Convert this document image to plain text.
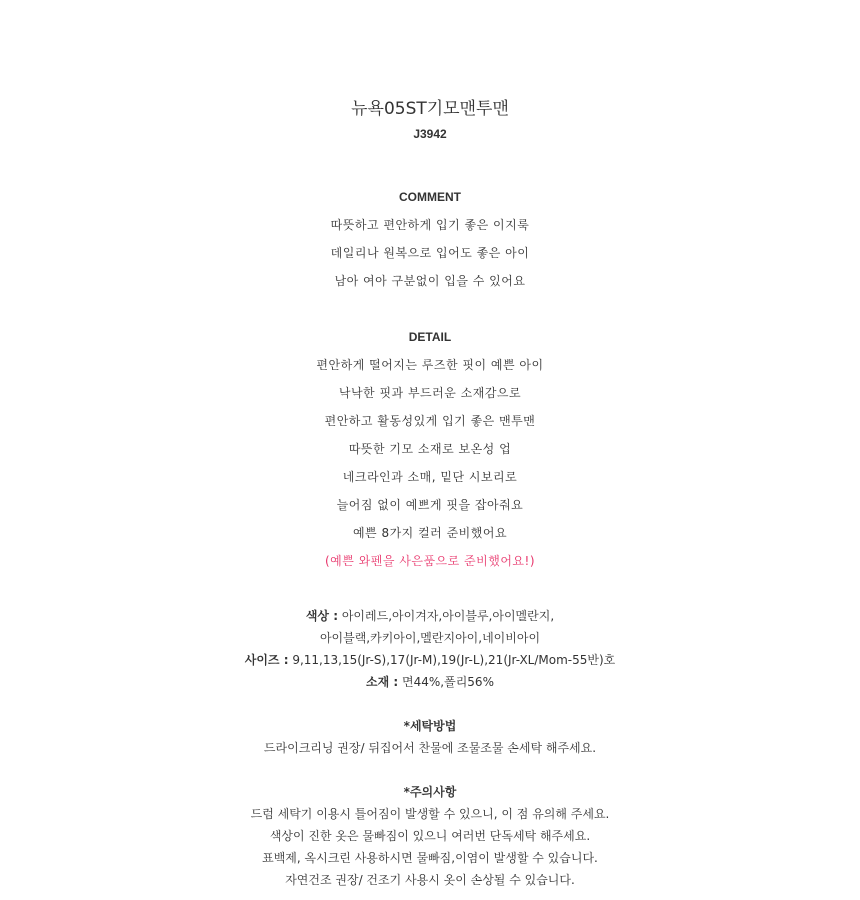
뉴욕05ST기모맨투맨
J3942
COMMENT
따뜻하고 편안하게 입기 좋은 이지룩
데일리나 원복으로 입어도 좋은 아이
남아 여아 구분없이 입을 수 있어요
DETAIL
편안하게 떨어지는 루즈한 핏이 예쁜 아이
낙낙한 핏과 부드러운 소재감으로
편안하고 활동성있게 입기 좋은 맨투맨
따뜻한 기모 소재로 보온성 업
네크라인과 소매, 밑단 시보리로
늘어짐 없이 예쁘게 핏을 잡아줘요
예쁜 8가지 컬러 준비했어요
(예쁜 와펜을 사은품으로 준비했어요!)
색상 : 아이레드,아이겨자,아이블루,아이멜란지,
아이블랙,카키아이,멜란지아이,네이비아이
사이즈 : 9,11,13,15(Jr-S),17(Jr-M),19(Jr-L),21(Jr-XL/Mom-55반)호
소재 : 면44%,폴리56%
*세탁방법
드라이크리닝 권장/ 뒤집어서 찬물에 조물조물 손세탁 해주세요.
*주의사항
드럼 세탁기 이용시 틀어짐이 발생할 수 있으니, 이 점 유의해 주세요.
색상이 진한 옷은 물빠짐이 있으니 여러번 단독세탁 해주세요.
표백제, 옥시크린 사용하시면 물빠짐,이염이 발생할 수 있습니다.
자연건조 권장/ 건조기 사용시 옷이 손상될 수 있습니다.
